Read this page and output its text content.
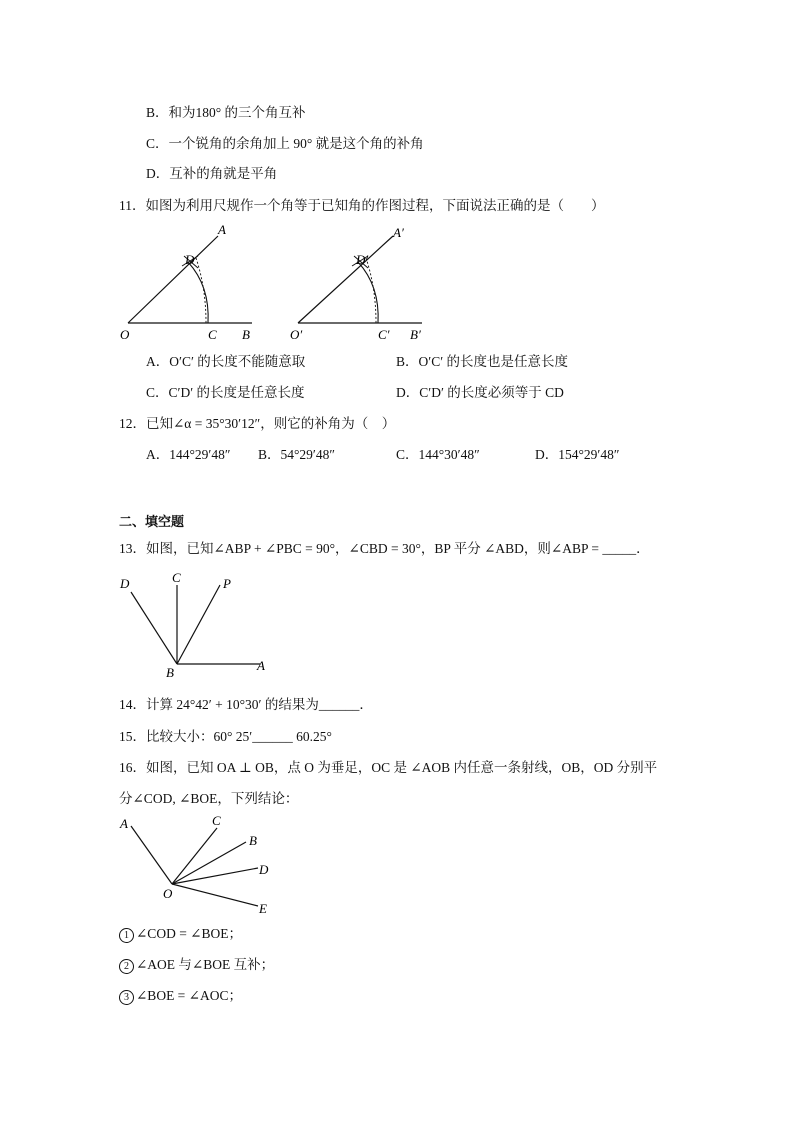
B．和为180° 的三个角互补
C．一个锐角的余角加上 90° 就是这个角的补角
D．互补的角就是平角
11．如图为利用尺规作一个角等于已知角的作图过程，下面说法正确的是（　　）
A
D
O	C B
A′
D′
O′	C′ B′
A．O′C′ 的长度不能随意取	B．O′C′ 的长度也是任意长度
C．C′D′ 的长度是任意长度	D．C′D′ 的长度必须等于 CD
12．已知∠α = 35°30′12″，则它的补角为（　）
A．144°29′48″ B．54°29′48″	C．144°30′48″	D．154°29′48″
二、填空题
13．如图，已知∠ABP + ∠PBC = 90°，∠CBD = 30°，BP 平分 ∠ABD，则∠ABP = _____．
D	C	P
B	A
14．计算 24°42′ + 10°30′ 的结果为______．
15．比较大小：60° 25′______ 60.25°
16．如图，已知 OA ⊥ OB，点 O 为垂足，OC 是 ∠AOB 内任意一条射线，OB，OD 分别平
分∠COD, ∠BOE，下列结论：
A	C
B
D
E
O
1 ∠COD = ∠BOE；
2 ∠AOE 与∠BOE 互补；
3 ∠BOE = ∠AOC；
